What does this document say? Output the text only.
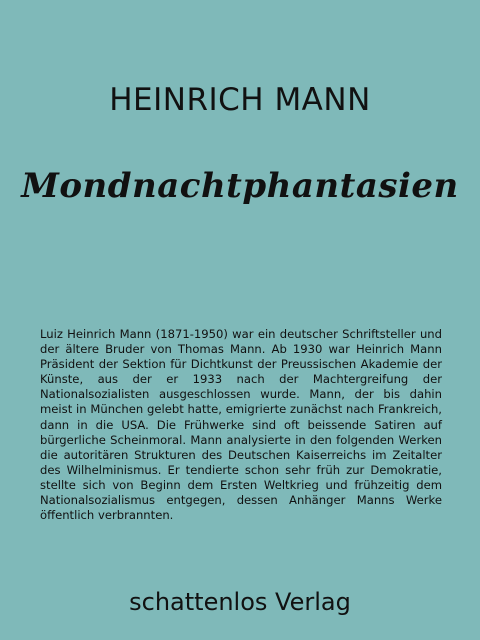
HEINRICH MANN
Mondnachtphantasien
Luiz Heinrich Mann (1871-1950) war ein deutscher Schriftsteller und der ältere Bruder von Thomas Mann. Ab 1930 war Heinrich Mann Präsident der Sektion für Dichtkunst der Preussischen Akademie der Künste, aus der er 1933 nach der Machtergreifung der Nationalsozialisten ausgeschlossen wurde. Mann, der bis dahin meist in München gelebt hatte, emigrierte zunächst nach Frankreich, dann in die USA. Die Frühwerke sind oft beissende Satiren auf bürgerliche Scheinmoral. Mann analysierte in den folgenden Werken die autoritären Strukturen des Deutschen Kaiserreichs im Zeitalter des Wilhelminismus. Er tendierte schon sehr früh zur Demokratie, stellte sich von Beginn dem Ersten Weltkrieg und frühzeitig dem Nationalsozialismus entgegen, dessen Anhänger Manns Werke öffentlich verbrannten.
schattenlos Verlag
